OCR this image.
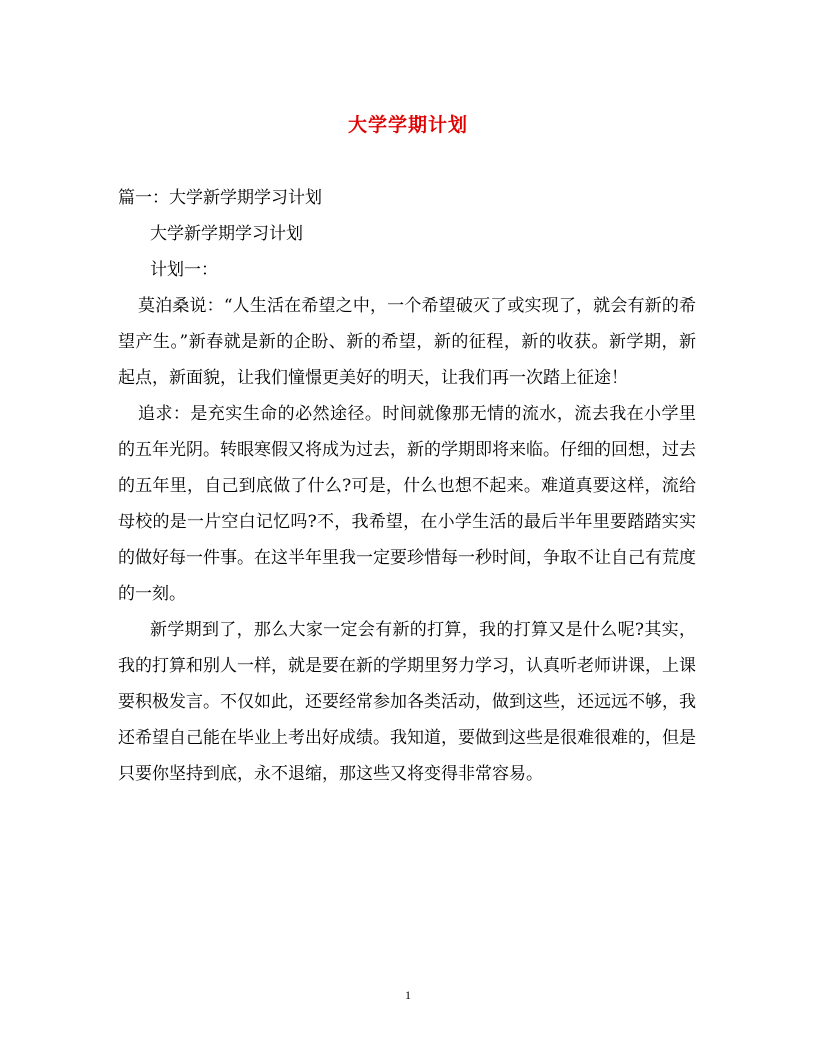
大学学期计划

篇一：大学新学期学习计划

大学新学期学习计划

计划一：

莫泊桑说：“人生活在希望之中，一个希望破灭了或实现了，就会有新的希望产生。”新春就是新的企盼、新的希望，新的征程，新的收获。新学期，新起点，新面貌，让我们憧憬更美好的明天，让我们再一次踏上征途！

追求：是充实生命的必然途径。时间就像那无情的流水，流去我在小学里的五年光阴。转眼寒假又将成为过去，新的学期即将来临。仔细的回想，过去的五年里，自己到底做了什么?可是，什么也想不起来。难道真要这样，流给母校的是一片空白记忆吗?不，我希望，在小学生活的最后半年里要踏踏实实的做好每一件事。在这半年里我一定要珍惜每一秒时间，争取不让自己有荒度的一刻。

新学期到了，那么大家一定会有新的打算，我的打算又是什么呢?其实，我的打算和别人一样，就是要在新的学期里努力学习，认真听老师讲课，上课要积极发言。不仅如此，还要经常参加各类活动，做到这些，还远远不够，我还希望自己能在毕业上考出好成绩。我知道，要做到这些是很难很难的，但是只要你坚持到底，永不退缩，那这些又将变得非常容易。

1
